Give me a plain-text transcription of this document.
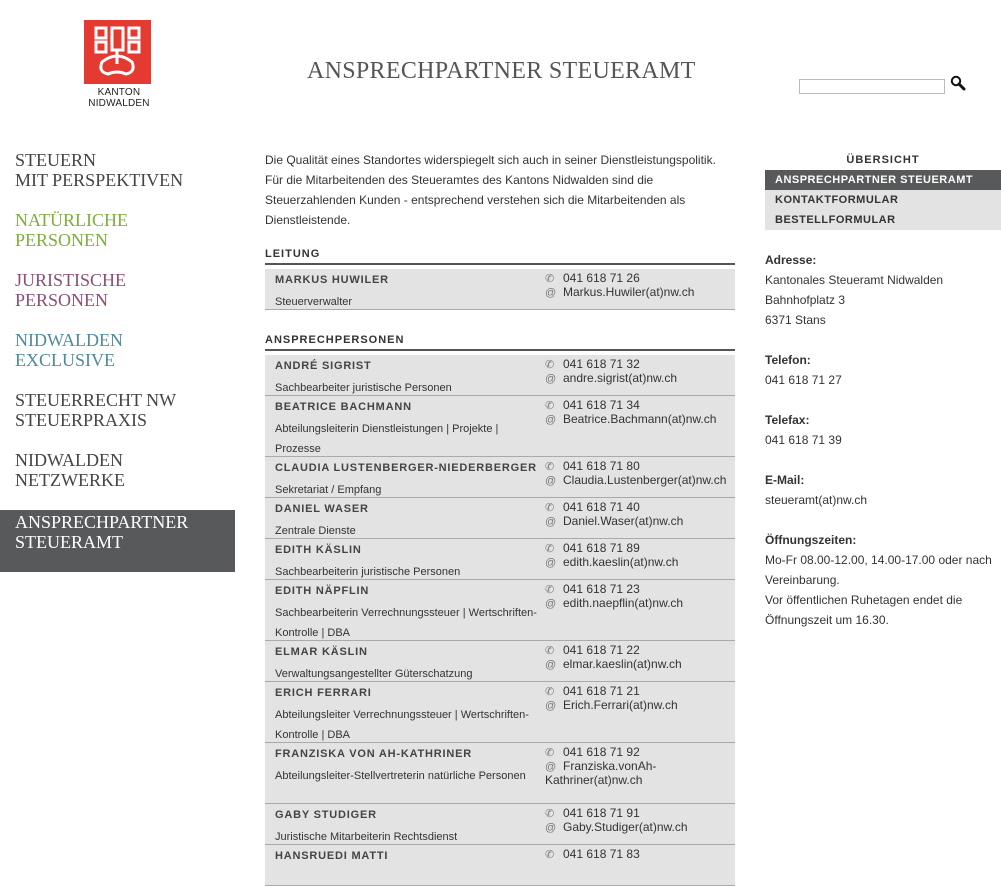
KANTON
NIDWALDEN
ANSPRECHPARTNER STEUERAMT
STEUERN
MIT PERSPEKTIVEN
NATÜRLICHE
PERSONEN
JURISTISCHE
PERSONEN
NIDWALDEN
EXCLUSIVE
STEUERRECHT NW
STEUERPRAXIS
NIDWALDEN
NETZWERKE
ANSPRECHPARTNER
STEUERAMT

Die Qualität eines Standortes widerspiegelt sich auch in seiner Dienstleistungspolitik. Für die Mitarbeitenden des Steueramtes des Kantons Nidwalden sind die Steuerzahlenden Kunden - entsprechend verstehen sich die Mitarbeitenden als Dienstleistende.

LEITUNG
MARKUS HUWILER
Steuerverwalter
✆ 041 618 71 26
@ Markus.Huwiler(at)nw.ch
ANSPRECHPERSONEN
ANDRÉ SIGRIST
Sachbearbeiter juristische Personen
✆ 041 618 71 32
@ andre.sigrist(at)nw.ch
BEATRICE BACHMANN
Abteilungsleiterin Dienstleistungen | Projekte | Prozesse
✆ 041 618 71 34
@ Beatrice.Bachmann(at)nw.ch
CLAUDIA LUSTENBERGER-NIEDERBERGER
Sekretariat / Empfang
✆ 041 618 71 80
@ Claudia.Lustenberger(at)nw.ch
DANIEL WASER
Zentrale Dienste
✆ 041 618 71 40
@ Daniel.Waser(at)nw.ch
EDITH KÄSLIN
Sachbearbeiterin juristische Personen
✆ 041 618 71 89
@ edith.kaeslin(at)nw.ch
EDITH NÄPFLIN
Sachbearbeiterin Verrechnungssteuer | Wertschriften-Kontrolle | DBA
✆ 041 618 71 23
@ edith.naepflin(at)nw.ch
ELMAR KÄSLIN
Verwaltungsangestellter Güterschatzung
✆ 041 618 71 22
@ elmar.kaeslin(at)nw.ch
ERICH FERRARI
Abteilungsleiter Verrechnungssteuer | Wertschriften-Kontrolle | DBA
✆ 041 618 71 21
@ Erich.Ferrari(at)nw.ch
FRANZISKA VON AH-KATHRINER
Abteilungsleiter-Stellvertreterin natürliche Personen
✆ 041 618 71 92
@ Franziska.vonAh-Kathriner(at)nw.ch
GABY STUDIGER
Juristische Mitarbeiterin Rechtsdienst
✆ 041 618 71 91
@ Gaby.Studiger(at)nw.ch
HANSRUEDI MATTI	✆ 041 618 71 83
ÜBERSICHT
ANSPRECHPARTNER STEUERAMT
KONTAKTFORMULAR
BESTELLFORMULAR
Adresse:
Kantonales Steueramt Nidwalden
Bahnhofplatz 3
6371 Stans
Telefon:
041 618 71 27
Telefax:
041 618 71 39
E-Mail:
steueramt(at)nw.ch
Öffnungszeiten:
Mo-Fr 08.00-12.00, 14.00-17.00 oder nach Vereinbarung.
Vor öffentlichen Ruhetagen endet die Öffnungszeit um 16.30.
